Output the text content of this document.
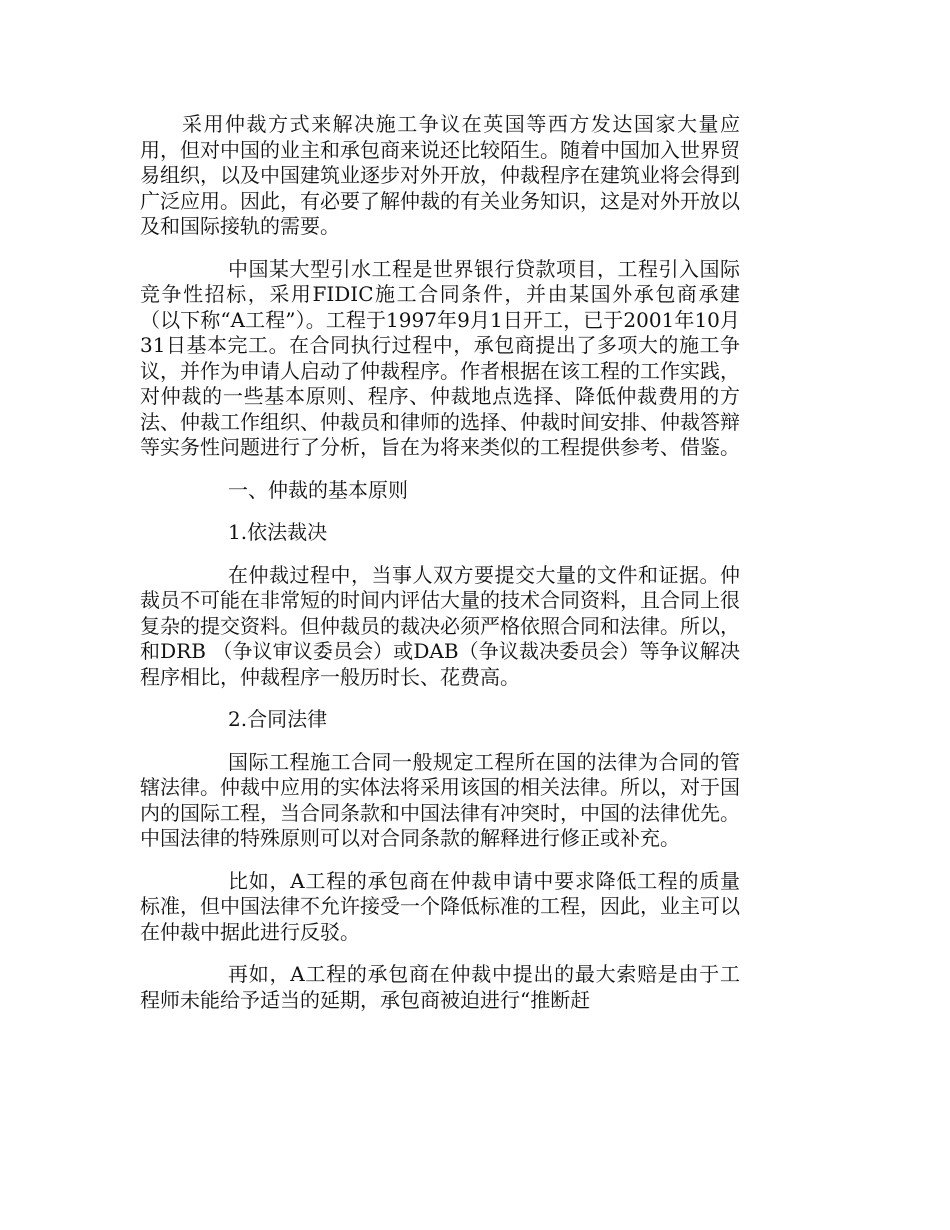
采用仲裁方式来解决施工争议在英国等西方发达国家大量应用，但对中国的业主和承包商来说还比较陌生。随着中国加入世界贸易组织，以及中国建筑业逐步对外开放，仲裁程序在建筑业将会得到广泛应用。因此，有必要了解仲裁的有关业务知识，这是对外开放以及和国际接轨的需要。

中国某大型引水工程是世界银行贷款项目，工程引入国际竞争性招标，采用FIDIC施工合同条件，并由某国外承包商承建（以下称“A工程”）。工程于1997年9月1日开工，已于2001年10月31日基本完工。在合同执行过程中，承包商提出了多项大的施工争议，并作为申请人启动了仲裁程序。作者根据在该工程的工作实践，对仲裁的一些基本原则、程序、仲裁地点选择、降低仲裁费用的方法、仲裁工作组织、仲裁员和律师的选择、仲裁时间安排、仲裁答辩等实务性问题进行了分析，旨在为将来类似的工程提供参考、借鉴。

一、仲裁的基本原则

1.依法裁决

在仲裁过程中，当事人双方要提交大量的文件和证据。仲裁员不可能在非常短的时间内评估大量的技术合同资料，且合同上很复杂的提交资料。但仲裁员的裁决必须严格依照合同和法律。所以，和DRB （争议审议委员会）或DAB（争议裁决委员会）等争议解决程序相比，仲裁程序一般历时长、花费高。

2.合同法律

国际工程施工合同一般规定工程所在国的法律为合同的管辖法律。仲裁中应用的实体法将采用该国的相关法律。所以，对于国内的国际工程，当合同条款和中国法律有冲突时，中国的法律优先。中国法律的特殊原则可以对合同条款的解释进行修正或补充。

比如，A工程的承包商在仲裁申请中要求降低工程的质量标准，但中国法律不允许接受一个降低标准的工程，因此，业主可以在仲裁中据此进行反驳。

再如，A工程的承包商在仲裁中提出的最大索赔是由于工程师未能给予适当的延期，承包商被迫进行“推断赶
